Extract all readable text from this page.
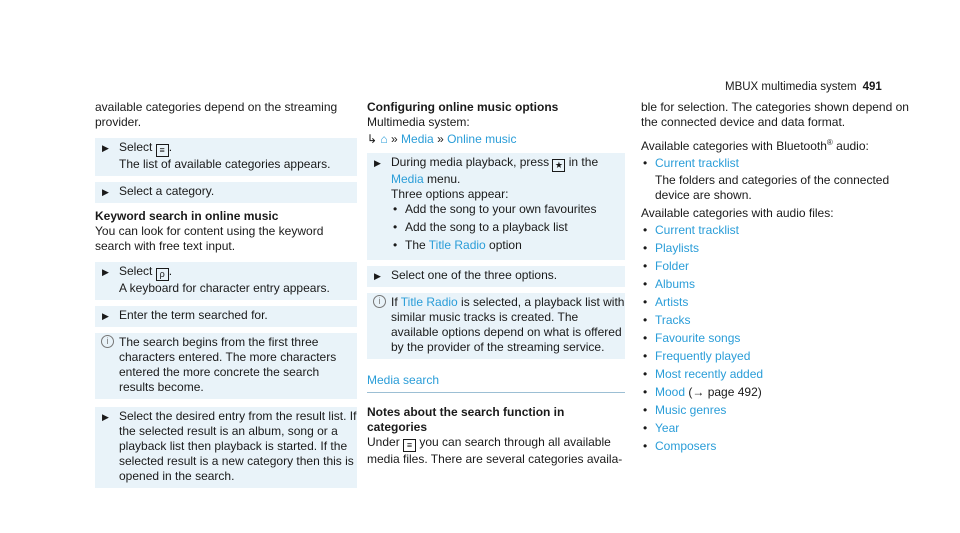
MBUX multimedia system 491

available categories depend on the streaming provider.

▶ Select ≡ .
The list of available categories appears.
▶ Select a category.

Keyword search in online music

You can look for content using the keyword search with free text input.

▶ Select ρ .
A keyboard for character entry appears.
▶ Enter the term searched for.
i The search begins from the first three characters entered. The more characters entered the more concrete the search results become.
▶ Select the desired entry from the result list. If the selected result is an album, song or a playback list then playback is started. If the selected result is a new category then this is opened in the search.

Configuring online music options

Multimedia system:

↳ ⌂ » Media » Online music

▶ During media playback, press ★ in the
Media menu.
Three options appear:
• Add the song to your own favourites
• Add the song to a playback list
• The Title Radio option
▶ Select one of the three options.
i If Title Radio is selected, a playback list with similar music tracks is created. The available options depend on what is offered by the provider of the streaming service.
Media search

Notes about the search function in categories

Under ≡ you can search through all available media files. There are several categories availa-

ble for selection. The categories shown depend on the connected device and data format.

Available categories with Bluetooth® audio:

• Current tracklist

The folders and categories of the connected device are shown.

Available categories with audio files:

• Current tracklist
• Playlists
• Folder
• Albums
• Artists
• Tracks
• Favourite songs
• Frequently played
• Most recently added
• Mood (→ page 492)
• Music genres
• Year
• Composers
